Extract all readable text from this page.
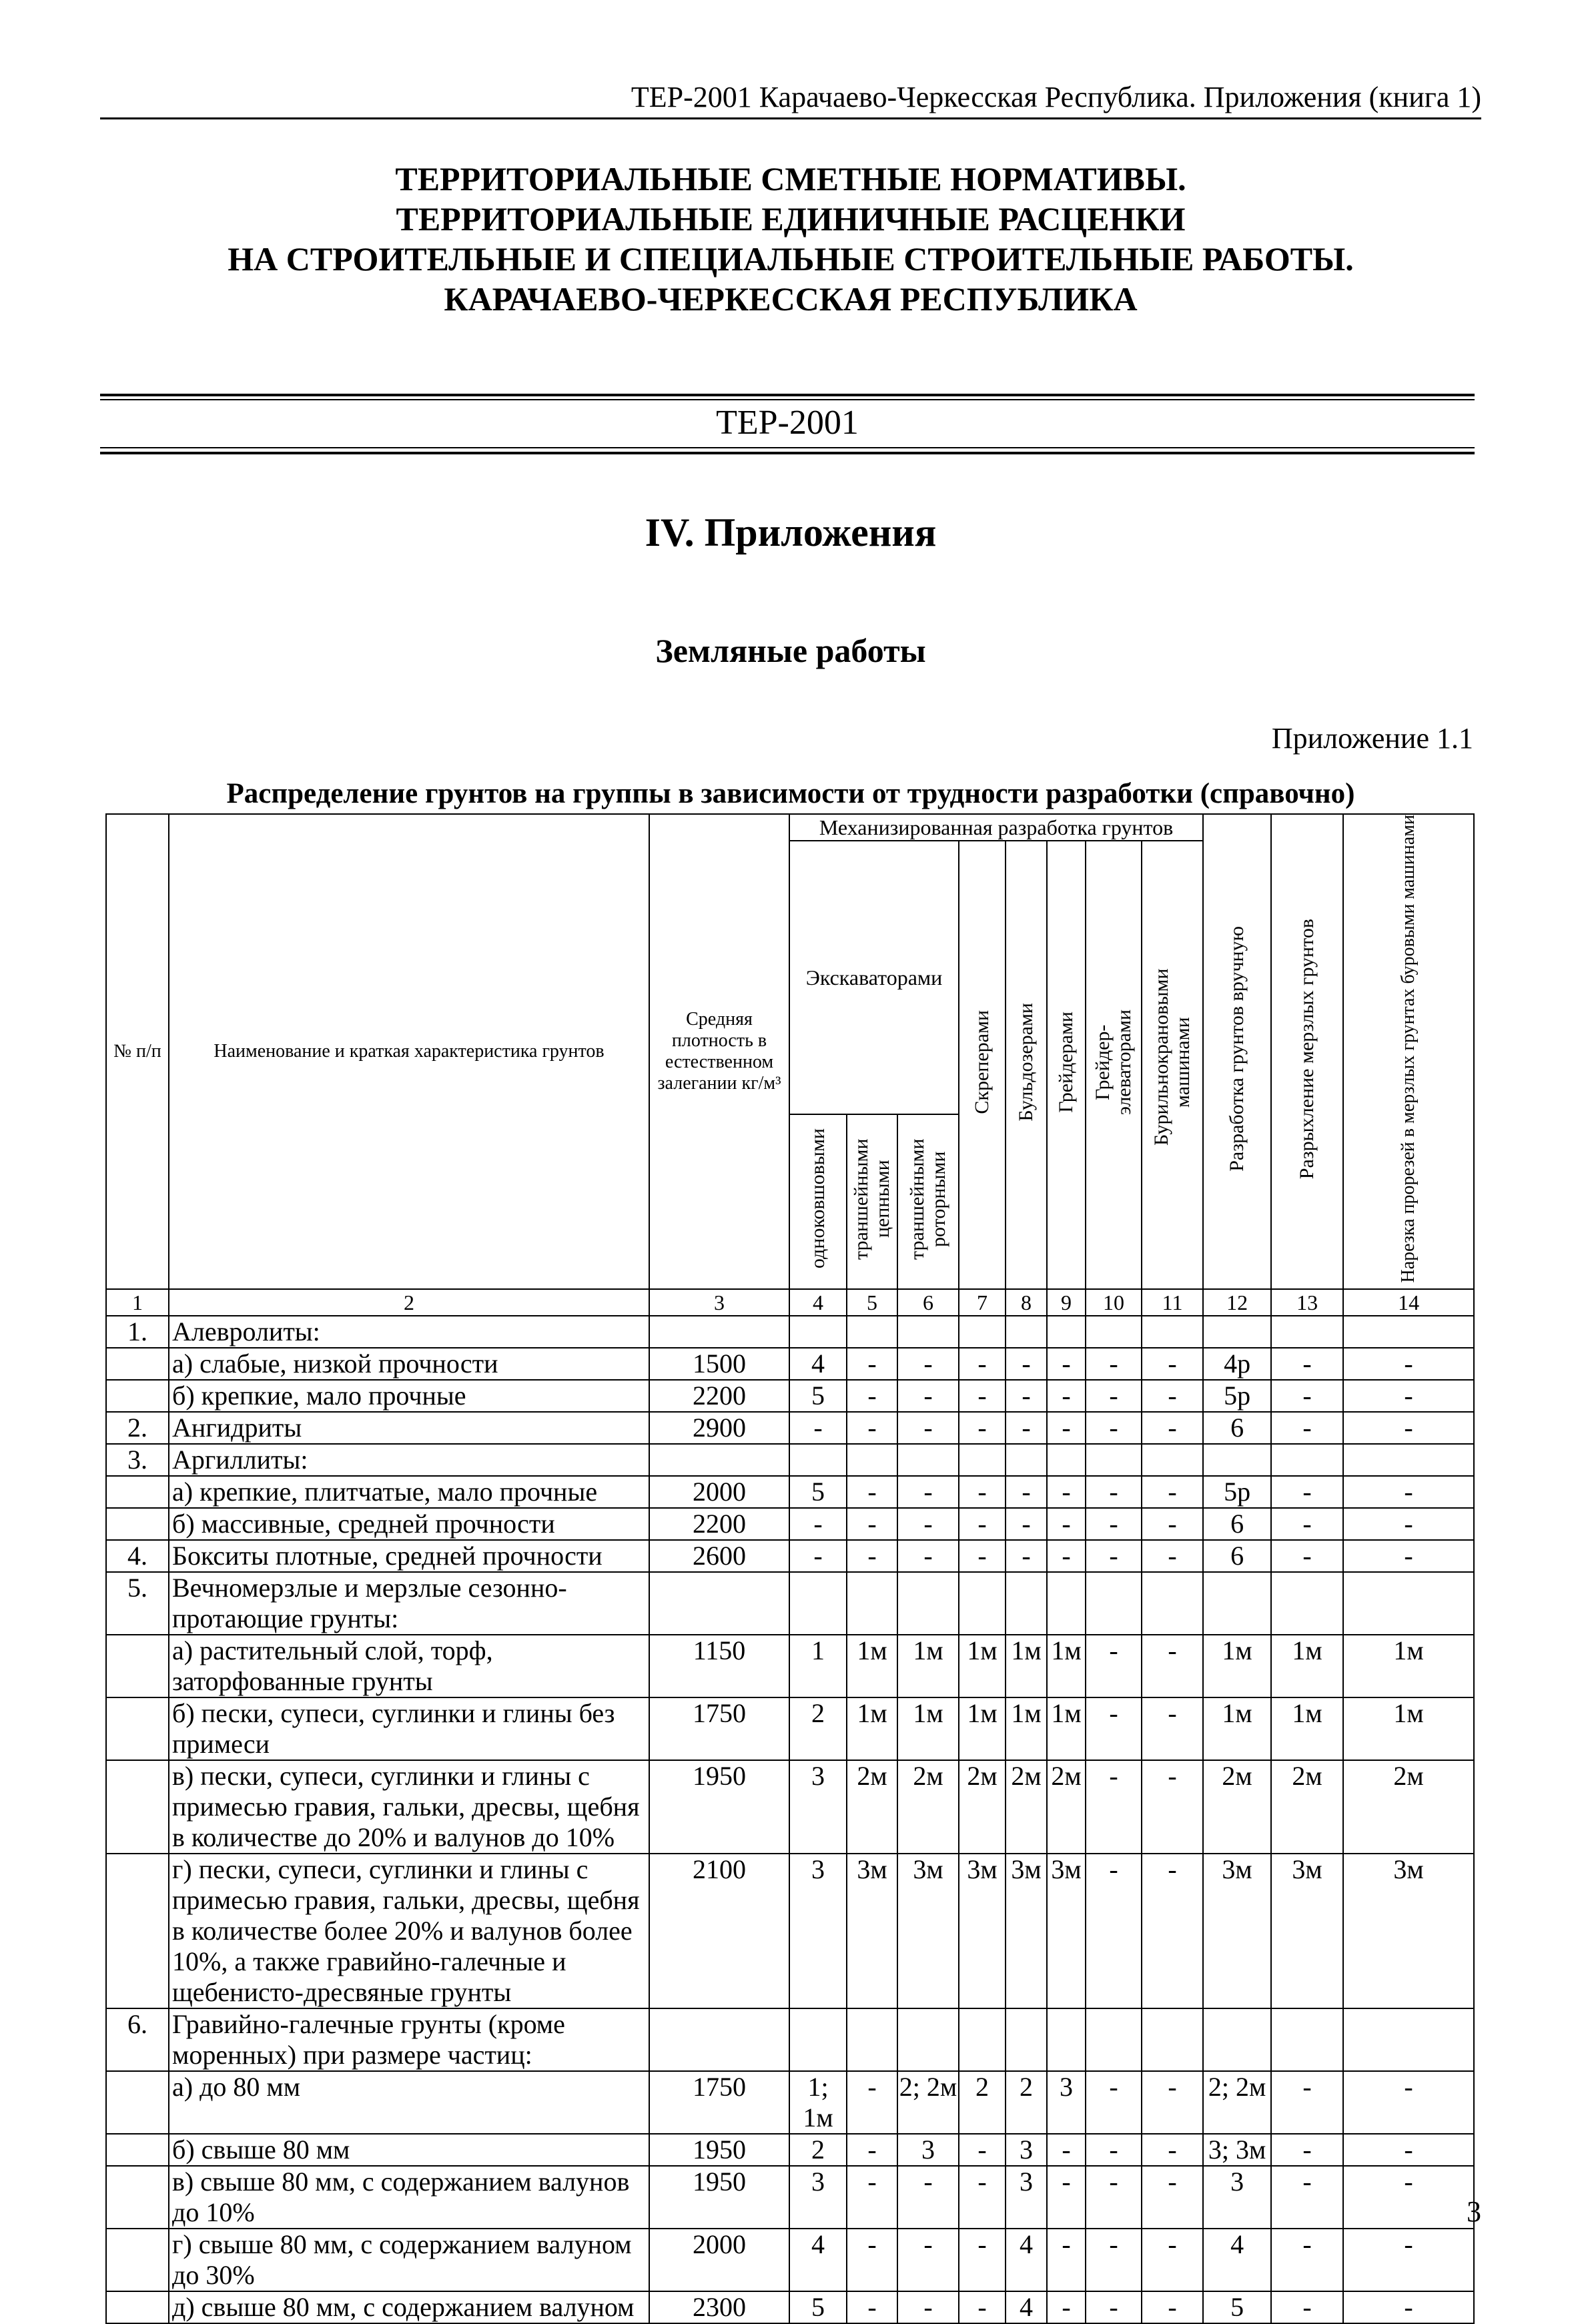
ТЕР-2001 Карачаево-Черкесская Республика. Приложения (книга 1)
ТЕРРИТОРИАЛЬНЫЕ СМЕТНЫЕ НОРМАТИВЫ.
ТЕРРИТОРИАЛЬНЫЕ ЕДИНИЧНЫЕ РАСЦЕНКИ
НА СТРОИТЕЛЬНЫЕ И СПЕЦИАЛЬНЫЕ СТРОИТЕЛЬНЫЕ РАБОТЫ.
КАРАЧАЕВО-ЧЕРКЕССКАЯ РЕСПУБЛИКА
ТЕР-2001
IV. Приложения
Земляные работы
Приложение 1.1
Распределение грунтов на группы в зависимости от трудности разработки (справочно)
№ п/п	Наименование и краткая характеристика грунтов	Средняя плотность в естественном залегании кг/м³	Механизированная разработка грунтов								Разработка грунтов вручную	Разрыхление мерзлых грунтов	Нарезка прорезей в мерзлых грунтах буровыми машинами
			Экскаваторами			Скреперами	Бульдозерами	Грейдерами	Грейдер-элеваторами	Бурильнокрановыми машинами			
			одноковшовыми	траншейными цепными	траншейными роторными								
1	2	3	4	5	6	7	8	9	10	11	12	13	14
1.	Алевролиты:												
	а) слабые, низкой прочности	1500	4	-	-	-	-	-	-	-	4р	-	-
	б) крепкие, мало прочные	2200	5	-	-	-	-	-	-	-	5р	-	-
2.	Ангидриты	2900	-	-	-	-	-	-	-	-	6	-	-
3.	Аргиллиты:												
	а) крепкие, плитчатые, мало прочные	2000	5	-	-	-	-	-	-	-	5р	-	-
	б) массивные, средней прочности	2200	-	-	-	-	-	-	-	-	6	-	-
4.	Бокситы плотные, средней прочности	2600	-	-	-	-	-	-	-	-	6	-	-
5.	Вечномерзлые и мерзлые сезонно-протающие грунты:												
	а) растительный слой, торф, заторфованные грунты	1150	1	1м	1м	1м	1м	1м	-	-	1м	1м	1м
	б) пески, супеси, суглинки и глины без примеси	1750	2	1м	1м	1м	1м	1м	-	-	1м	1м	1м
	в) пески, супеси, суглинки и глины с примесью гравия, гальки, дресвы, щебня в количестве до 20% и валунов до 10%	1950	3	2м	2м	2м	2м	2м	-	-	2м	2м	2м
	г) пески, супеси, суглинки и глины с примесью гравия, гальки, дресвы, щебня в количестве более 20% и валунов более 10%, а также гравийно-галечные и щебенисто-дресвяные грунты	2100	3	3м	3м	3м	3м	3м	-	-	3м	3м	3м
6.	Гравийно-галечные грунты (кроме моренных) при размере частиц:												
	а) до 80 мм	1750	1; 1м	-	2; 2м	2	2	3	-	-	2; 2м	-	-
	б) свыше 80 мм	1950	2	-	3	-	3	-	-	-	3; 3м	-	-
	в) свыше 80 мм, с содержанием валунов до 10%	1950	3	-	-	-	3	-	-	-	3	-	-
	г) свыше 80 мм, с содержанием валуном до 30%	2000	4	-	-	-	4	-	-	-	4	-	-
	д) свыше 80 мм, с содержанием валуном	2300	5	-	-	-	4	-	-	-	5	-	-
3
